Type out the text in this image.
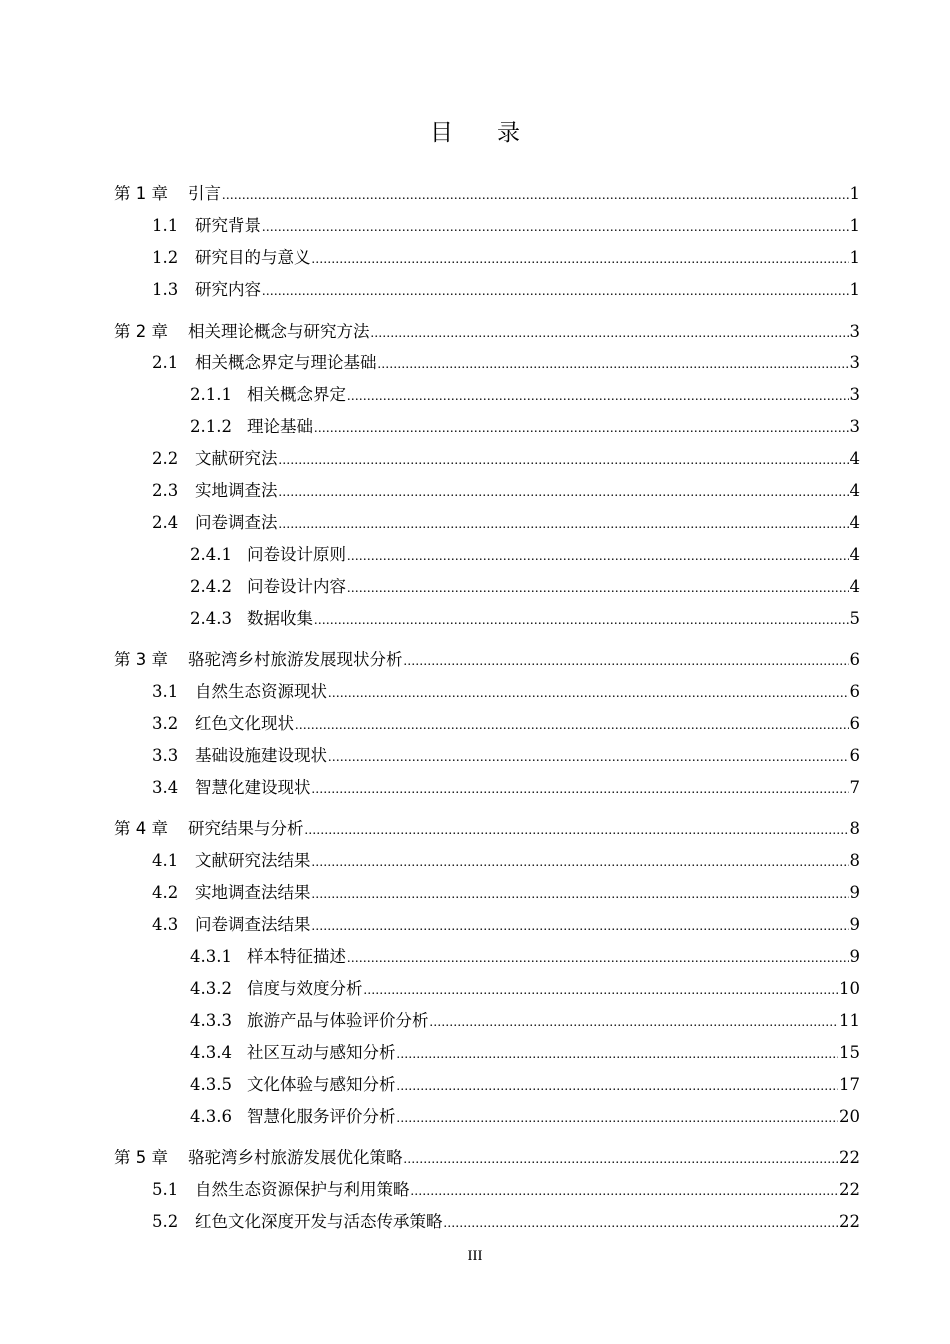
目 录
第 1 章	引言 .....	1
1.1	研究背景 .....	1
1.2	研究目的与意义 .....	1
1.3	研究内容 .....	1
第 2 章	相关理论概念与研究方法 .....	3
2.1	相关概念界定与理论基础 .....	3
2.1.1 相关概念界定 .....	3
2.1.2 理论基础 .....	3
2.2	文献研究法 .....	4
2.3	实地调查法 .....	4
2.4	问卷调查法 .....	4
2.4.1 问卷设计原则 .....	4
2.4.2 问卷设计内容 .....	4
2.4.3 数据收集 .....	5
第 3 章	骆驼湾乡村旅游发展现状分析 .....	6
3.1	自然生态资源现状 .....	6
3.2	红色文化现状 .....	6
3.3	基础设施建设现状 .....	6
3.4	智慧化建设现状 .....	7
第 4 章	研究结果与分析 .....	8
4.1	文献研究法结果 .....	8
4.2	实地调查法结果 .....	9
4.3	问卷调查法结果 .....	9
4.3.1 样本特征描述 .....	9
4.3.2 信度与效度分析 .....	10
4.3.3 旅游产品与体验评价分析 .....	11
4.3.4 社区互动与感知分析 .....	15
4.3.5 文化体验与感知分析 .....	17
4.3.6 智慧化服务评价分析 .....	20
第 5 章	骆驼湾乡村旅游发展优化策略 .....	22
5.1	自然生态资源保护与利用策略 .....	22
5.2	红色文化深度开发与活态传承策略 .....	22
III
